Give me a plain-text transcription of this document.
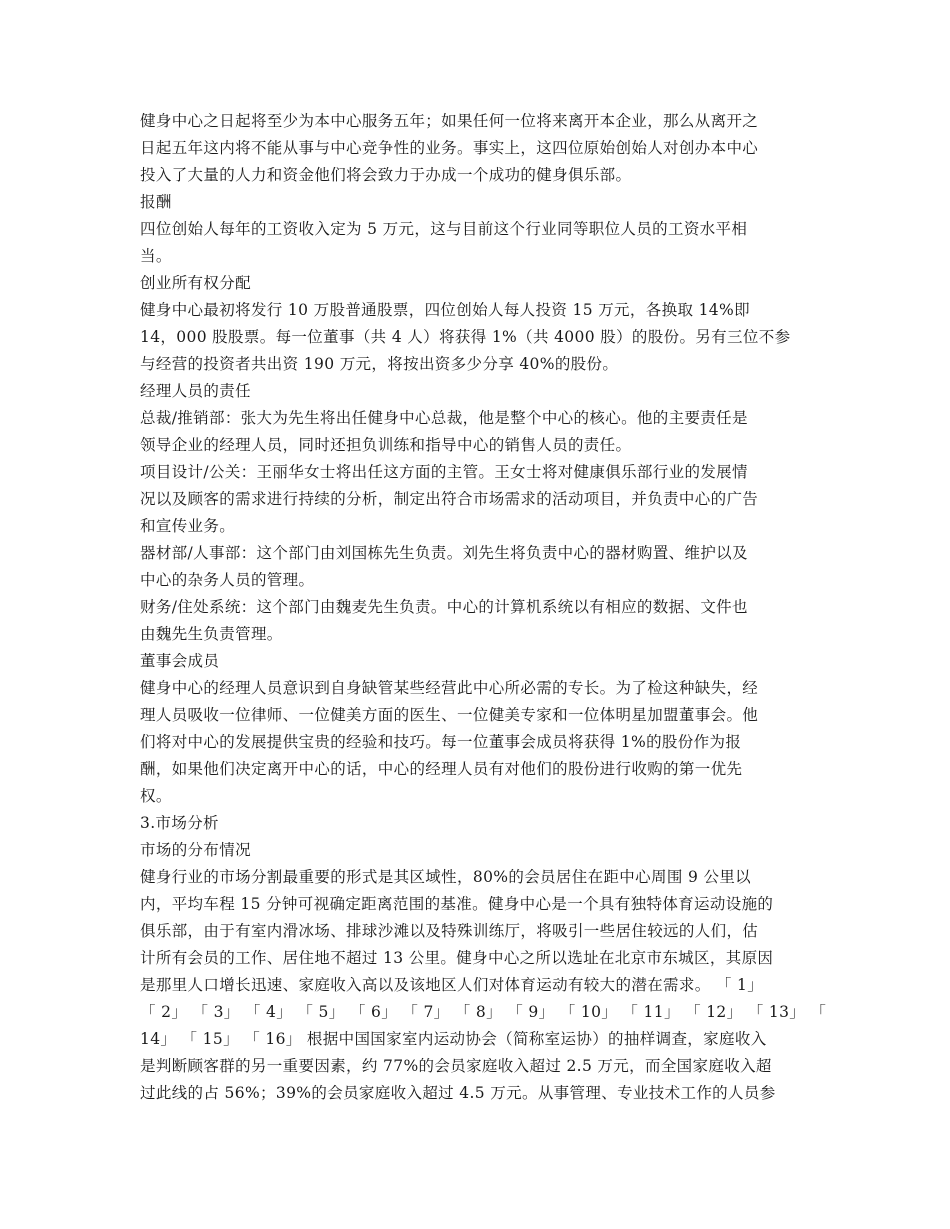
健身中心之日起将至少为本中心服务五年；如果任何一位将来离开本企业，那么从离开之
日起五年这内将不能从事与中心竞争性的业务。事实上，这四位原始创始人对创办本中心
投入了大量的人力和资金他们将会致力于办成一个成功的健身俱乐部。
报酬
四位创始人每年的工资收入定为 5 万元，这与目前这个行业同等职位人员的工资水平相
当。
创业所有权分配
健身中心最初将发行 10 万股普通股票，四位创始人每人投资 15 万元，各换取 14%即
14，000 股股票。每一位董事（共 4 人）将获得 1%（共 4000 股）的股份。另有三位不参
与经营的投资者共出资 190 万元，将按出资多少分享 40%的股份。
经理人员的责任
总裁/推销部：张大为先生将出任健身中心总裁，他是整个中心的核心。他的主要责任是
领导企业的经理人员，同时还担负训练和指导中心的销售人员的责任。
项目设计/公关：王丽华女士将出任这方面的主管。王女士将对健康俱乐部行业的发展情
况以及顾客的需求进行持续的分析，制定出符合市场需求的活动项目，并负责中心的广告
和宣传业务。
器材部/人事部：这个部门由刘国栋先生负责。刘先生将负责中心的器材购置、维护以及
中心的杂务人员的管理。
财务/住处系统：这个部门由魏麦先生负责。中心的计算机系统以有相应的数据、文件也
由魏先生负责管理。
董事会成员
健身中心的经理人员意识到自身缺管某些经营此中心所必需的专长。为了检这种缺失，经
理人员吸收一位律师、一位健美方面的医生、一位健美专家和一位体明星加盟董事会。他
们将对中心的发展提供宝贵的经验和技巧。每一位董事会成员将获得 1%的股份作为报
酬，如果他们决定离开中心的话，中心的经理人员有对他们的股份进行收购的第一优先
权。
3.市场分析
市场的分布情况
健身行业的市场分割最重要的形式是其区域性，80%的会员居住在距中心周围 9 公里以
内，平均车程 15 分钟可视确定距离范围的基准。健身中心是一个具有独特体育运动设施的
俱乐部，由于有室内滑冰场、排球沙滩以及特殊训练厅，将吸引一些居住较远的人们，估
计所有会员的工作、居住地不超过 13 公里。健身中心之所以选址在北京市东城区，其原因
是那里人口增长迅速、家庭收入高以及该地区人们对体育运动有较大的潜在需求。 「 1」
「 2」 「 3」 「 4」 「 5」 「 6」 「 7」 「 8」 「 9」 「 10」 「 11」 「 12」 「 13」 「
14」 「 15」 「 16」 根据中国国家室内运动协会（简称室运协）的抽样调查，家庭收入
是判断顾客群的另一重要因素，约 77%的会员家庭收入超过 2.5 万元，而全国家庭收入超
过此线的占 56%；39%的会员家庭收入超过 4.5 万元。从事管理、专业技术工作的人员参
